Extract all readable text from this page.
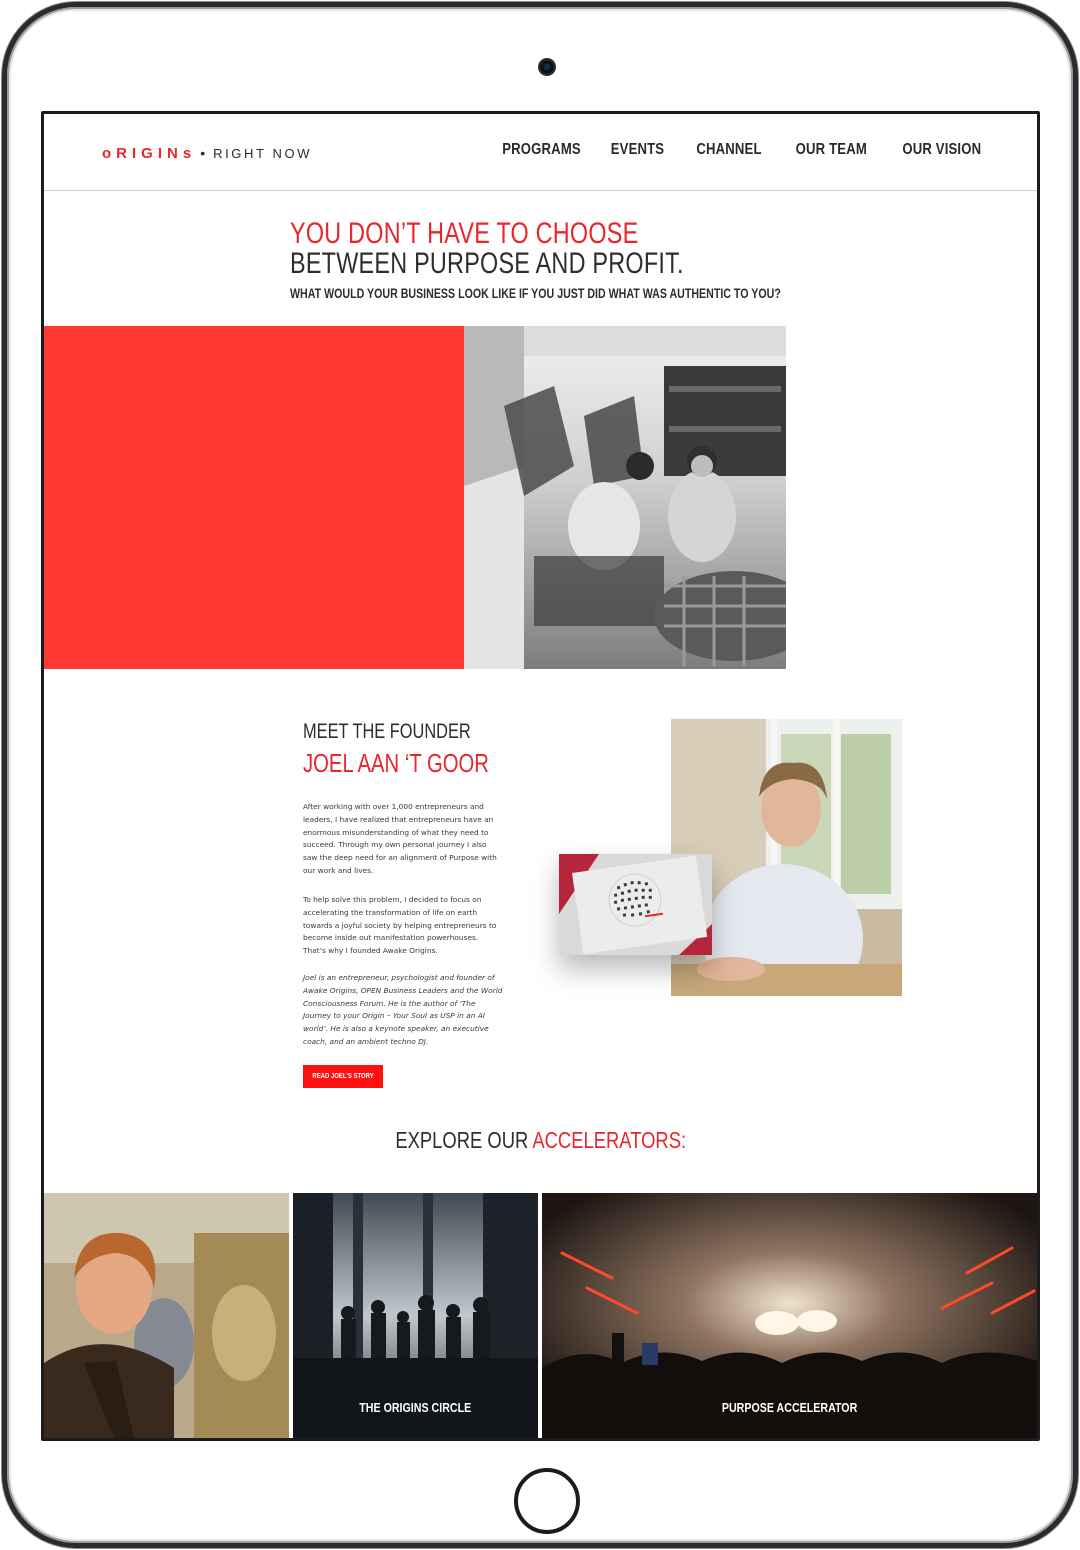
oRIGINs • RIGHT NOW	PROGRAMS EVENTS CHANNEL OUR TEAM OUR VISION
YOU DON’T HAVE TO CHOOSE
BETWEEN PURPOSE AND PROFIT.
WHAT WOULD YOUR BUSINESS LOOK LIKE IF YOU JUST DID WHAT WAS AUTHENTIC TO YOU?
MEET THE FOUNDER
JOEL AAN ‘T GOOR

After working with over 1,000 entrepreneurs and leaders, I have realized that entrepreneurs have an enormous misunderstanding of what they need to succeed. Through my own personal journey I also saw the deep need for an alignment of Purpose with our work and lives.

To help solve this problem, I decided to focus on accelerating the transformation of life on earth towards a joyful society by helping entrepreneurs to become inside out manifestation powerhouses. That’s why I founded Awake Origins.

Joel is an entrepreneur, psychologist and founder of Awake Origins, OPEN Business Leaders and the World Consciousness Forum. He is the author of ‘The Journey to your Origin – Your Soul as USP in an AI world’. He is also a keynote speaker, an executive coach, and an ambient techno DJ.

READ JOEL'S STORY
EXPLORE OUR ACCELERATORS:
THE ORIGINS CIRCLE	PURPOSE ACCELERATOR
